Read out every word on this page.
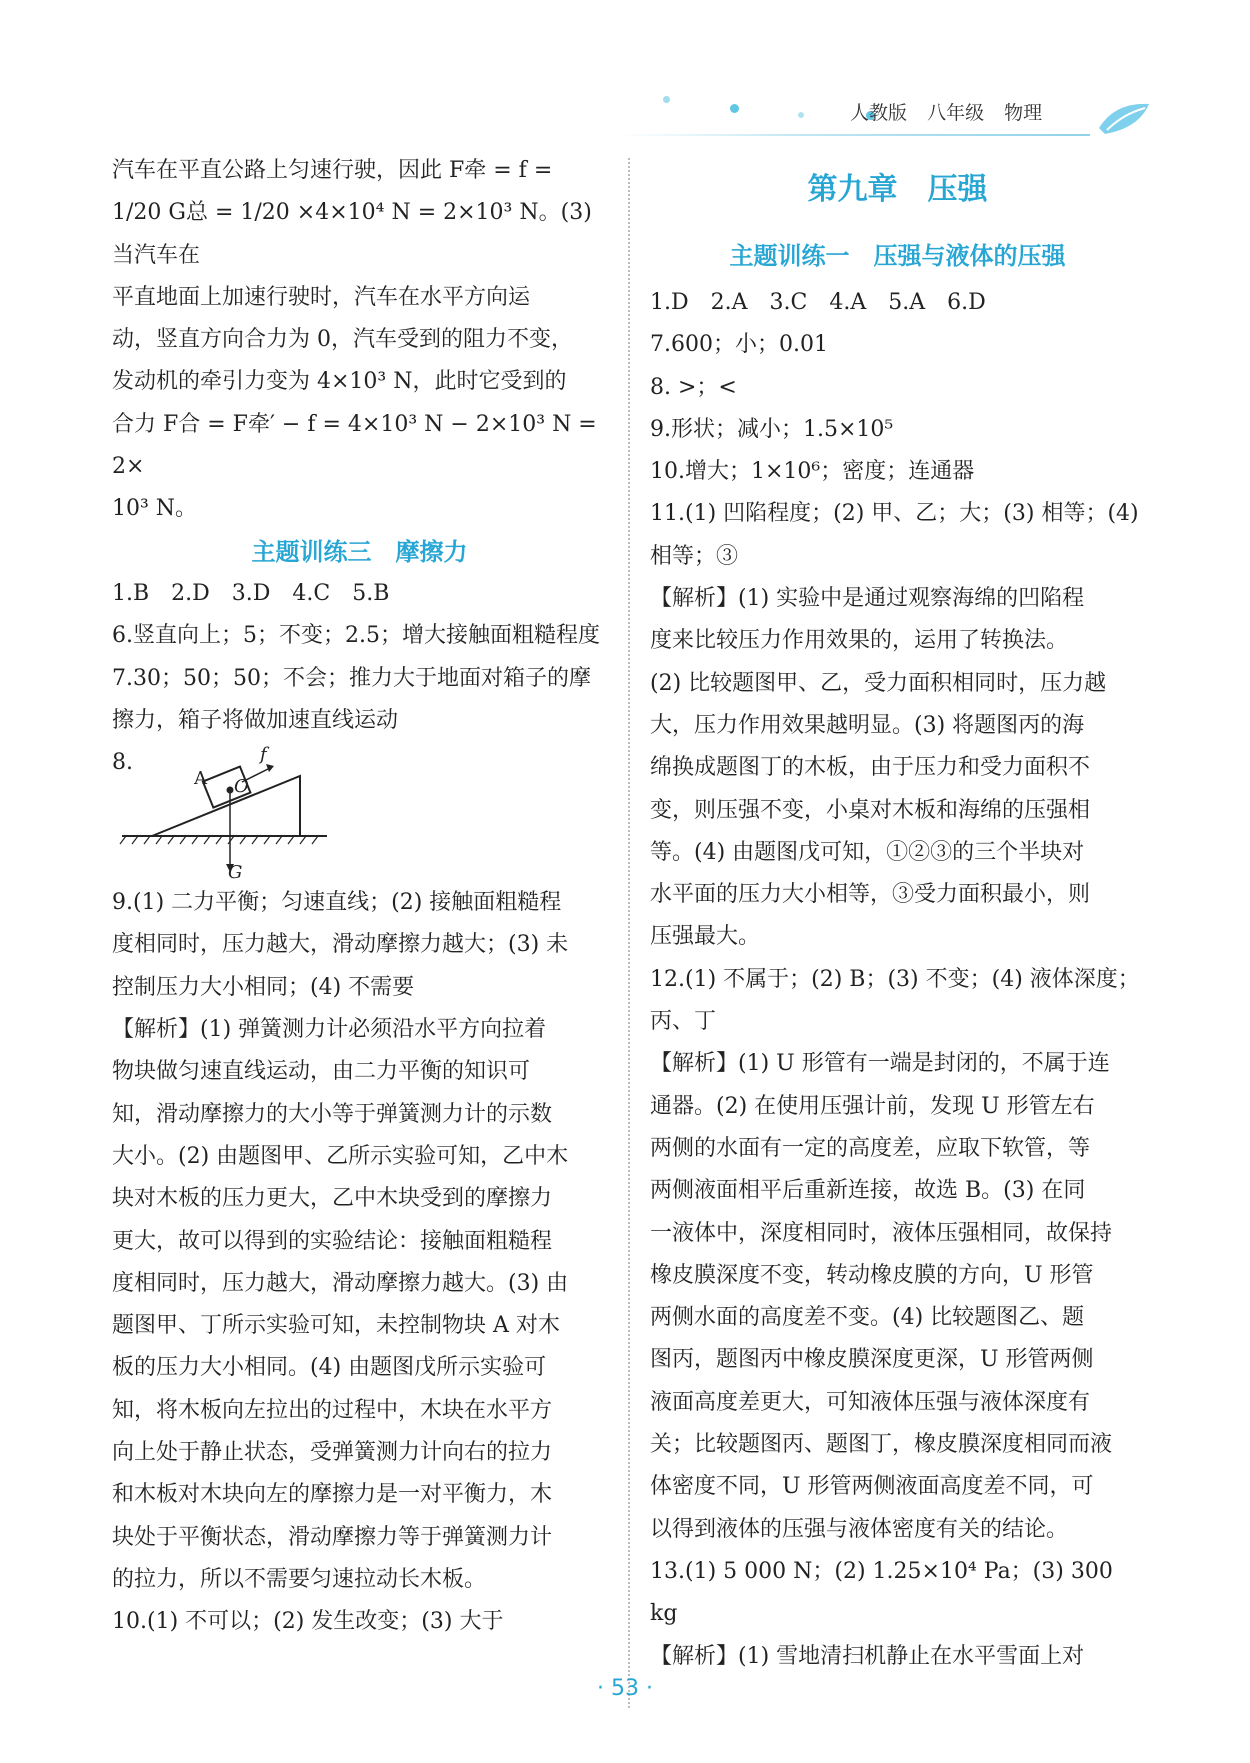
人教版 八年级 物理

汽车在平直公路上匀速行驶，因此 F牵 = f =

1/20 G总 = 1/20 ×4×10⁴ N = 2×10³ N。(3) 当汽车在

平直地面上加速行驶时，汽车在水平方向运

动，竖直方向合力为 0，汽车受到的阻力不变，

发动机的牵引力变为 4×10³ N，此时它受到的

合力 F合 = F牵′ − f = 4×10³ N − 2×10³ N = 2×

10³ N。

主题训练三　摩擦力

1.B　2.D　3.D　4.C　5.B

6.竖直向上；5；不变；2.5；增大接触面粗糙程度

7.30；50；50；不会；推力大于地面对箱子的摩

擦力，箱子将做加速直线运动

8.
A O
f
G

9.(1) 二力平衡；匀速直线；(2) 接触面粗糙程

度相同时，压力越大，滑动摩擦力越大；(3) 未

控制压力大小相同；(4) 不需要

【解析】(1) 弹簧测力计必须沿水平方向拉着

物块做匀速直线运动，由二力平衡的知识可

知，滑动摩擦力的大小等于弹簧测力计的示数

大小。(2) 由题图甲、乙所示实验可知，乙中木

块对木板的压力更大，乙中木块受到的摩擦力

更大，故可以得到的实验结论：接触面粗糙程

度相同时，压力越大，滑动摩擦力越大。(3) 由

题图甲、丁所示实验可知，未控制物块 A 对木

板的压力大小相同。(4) 由题图戊所示实验可

知，将木板向左拉出的过程中，木块在水平方

向上处于静止状态，受弹簧测力计向右的拉力

和木板对木块向左的摩擦力是一对平衡力，木

块处于平衡状态，滑动摩擦力等于弹簧测力计

的拉力，所以不需要匀速拉动长木板。

10.(1) 不可以；(2) 发生改变；(3) 大于

第九章　压强

主题训练一　压强与液体的压强

1.D　2.A　3.C　4.A　5.A　6.D

7.600；小；0.01

8. >；<

9.形状；减小；1.5×10⁵

10.增大；1×10⁶；密度；连通器

11.(1) 凹陷程度；(2) 甲、乙；大；(3) 相等；(4)

相等；③

【解析】(1) 实验中是通过观察海绵的凹陷程

度来比较压力作用效果的，运用了转换法。

(2) 比较题图甲、乙，受力面积相同时，压力越

大，压力作用效果越明显。(3) 将题图丙的海

绵换成题图丁的木板，由于压力和受力面积不

变，则压强不变，小桌对木板和海绵的压强相

等。(4) 由题图戊可知，①②③的三个半块对

水平面的压力大小相等，③受力面积最小，则

压强最大。

12.(1) 不属于；(2) B；(3) 不变；(4) 液体深度；

丙、丁

【解析】(1) U 形管有一端是封闭的，不属于连

通器。(2) 在使用压强计前，发现 U 形管左右

两侧的水面有一定的高度差，应取下软管，等

两侧液面相平后重新连接，故选 B。(3) 在同

一液体中，深度相同时，液体压强相同，故保持

橡皮膜深度不变，转动橡皮膜的方向，U 形管

两侧水面的高度差不变。(4) 比较题图乙、题

图丙，题图丙中橡皮膜深度更深，U 形管两侧

液面高度差更大，可知液体压强与液体深度有

关；比较题图丙、题图丁，橡皮膜深度相同而液

体密度不同，U 形管两侧液面高度差不同，可

以得到液体的压强与液体密度有关的结论。

13.(1) 5 000 N；(2) 1.25×10⁴ Pa；(3) 300 kg

【解析】(1) 雪地清扫机静止在水平雪面上对

· 53 ·
